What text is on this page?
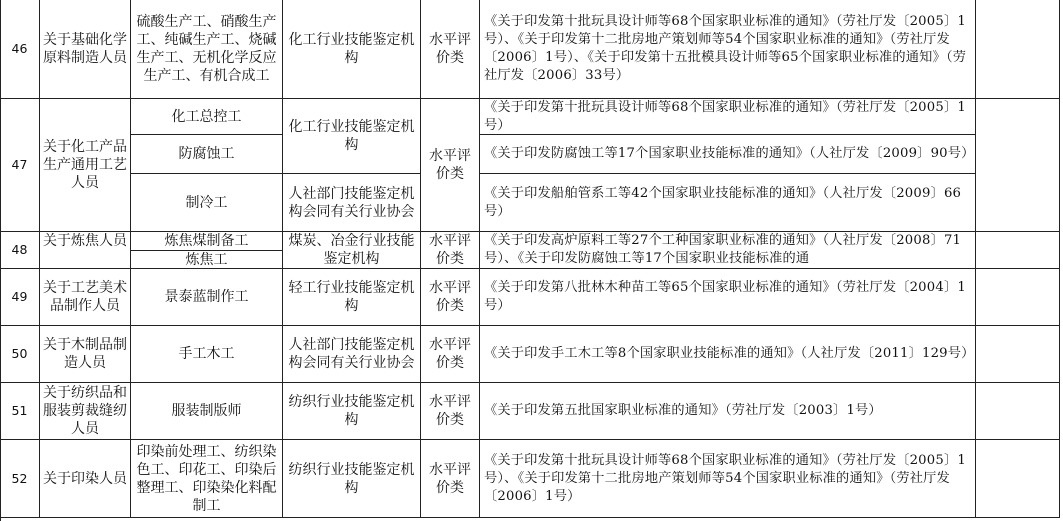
46
关于基础化学原料制造人员
硫酸生产工、硝酸生产工、纯碱生产工、烧碱生产工、无机化学反应生产工、有机合成工
化工行业技能鉴定机构
水平评价类
《关于印发第十批玩具设计师等68个国家职业标准的通知》（劳社厅发〔2005〕1号）、《关于印发第十二批房地产策划师等54个国家职业标准的通知》（劳社厅发〔2006〕1号）、《关于印发第十五批模具设计师等65个国家职业标准的通知》（劳社厅发〔2006〕33号）
47
关于化工产品生产通用工艺人员
化工总控工
防腐蚀工
制冷工
化工行业技能鉴定机构
人社部门技能鉴定机构会同有关行业协会
水平评价类
《关于印发第十批玩具设计师等68个国家职业标准的通知》（劳社厅发〔2005〕1号）
《关于印发防腐蚀工等17个国家职业技能标准的通知》（人社厅发〔2009〕90号）
《关于印发船舶管系工等42个国家职业技能标准的通知》（人社厅发〔2009〕66号）
48
关于炼焦人员	炼焦煤制备工
炼焦工
煤炭、冶金行业技能鉴定机构
水平评价类
《关于印发高炉原料工等27个工种国家职业标准的通知》（人社厅发〔2008〕71号）、《关于印发防腐蚀工等17个国家职业技能标准的通
49
关于工艺美术品制作人员
景泰蓝制作工
轻工行业技能鉴定机构
水平评价类
《关于印发第八批林木种苗工等65个国家职业标准的通知》（劳社厅发〔2004〕1号）
50
关于木制品制造人员
手工木工
人社部门技能鉴定机构会同有关行业协会
水平评价类
《关于印发手工木工等8个国家职业技能标准的通知》（人社厅发〔2011〕129号）
51
关于纺织品和服装剪裁缝纫人员
服装制版师
纺织行业技能鉴定机构
水平评价类
《关于印发第五批国家职业标准的通知》（劳社厅发〔2003〕1号）
52	关于印染人员
印染前处理工、纺织染色工、印花工、印染后整理工、印染染化料配制工
纺织行业技能鉴定机构
水平评价类
《关于印发第十批玩具设计师等68个国家职业标准的通知》（劳社厅发〔2005〕1号）、《关于印发第十二批房地产策划师等54个国家职业标准的通知》（劳社厅发〔2006〕1号）
